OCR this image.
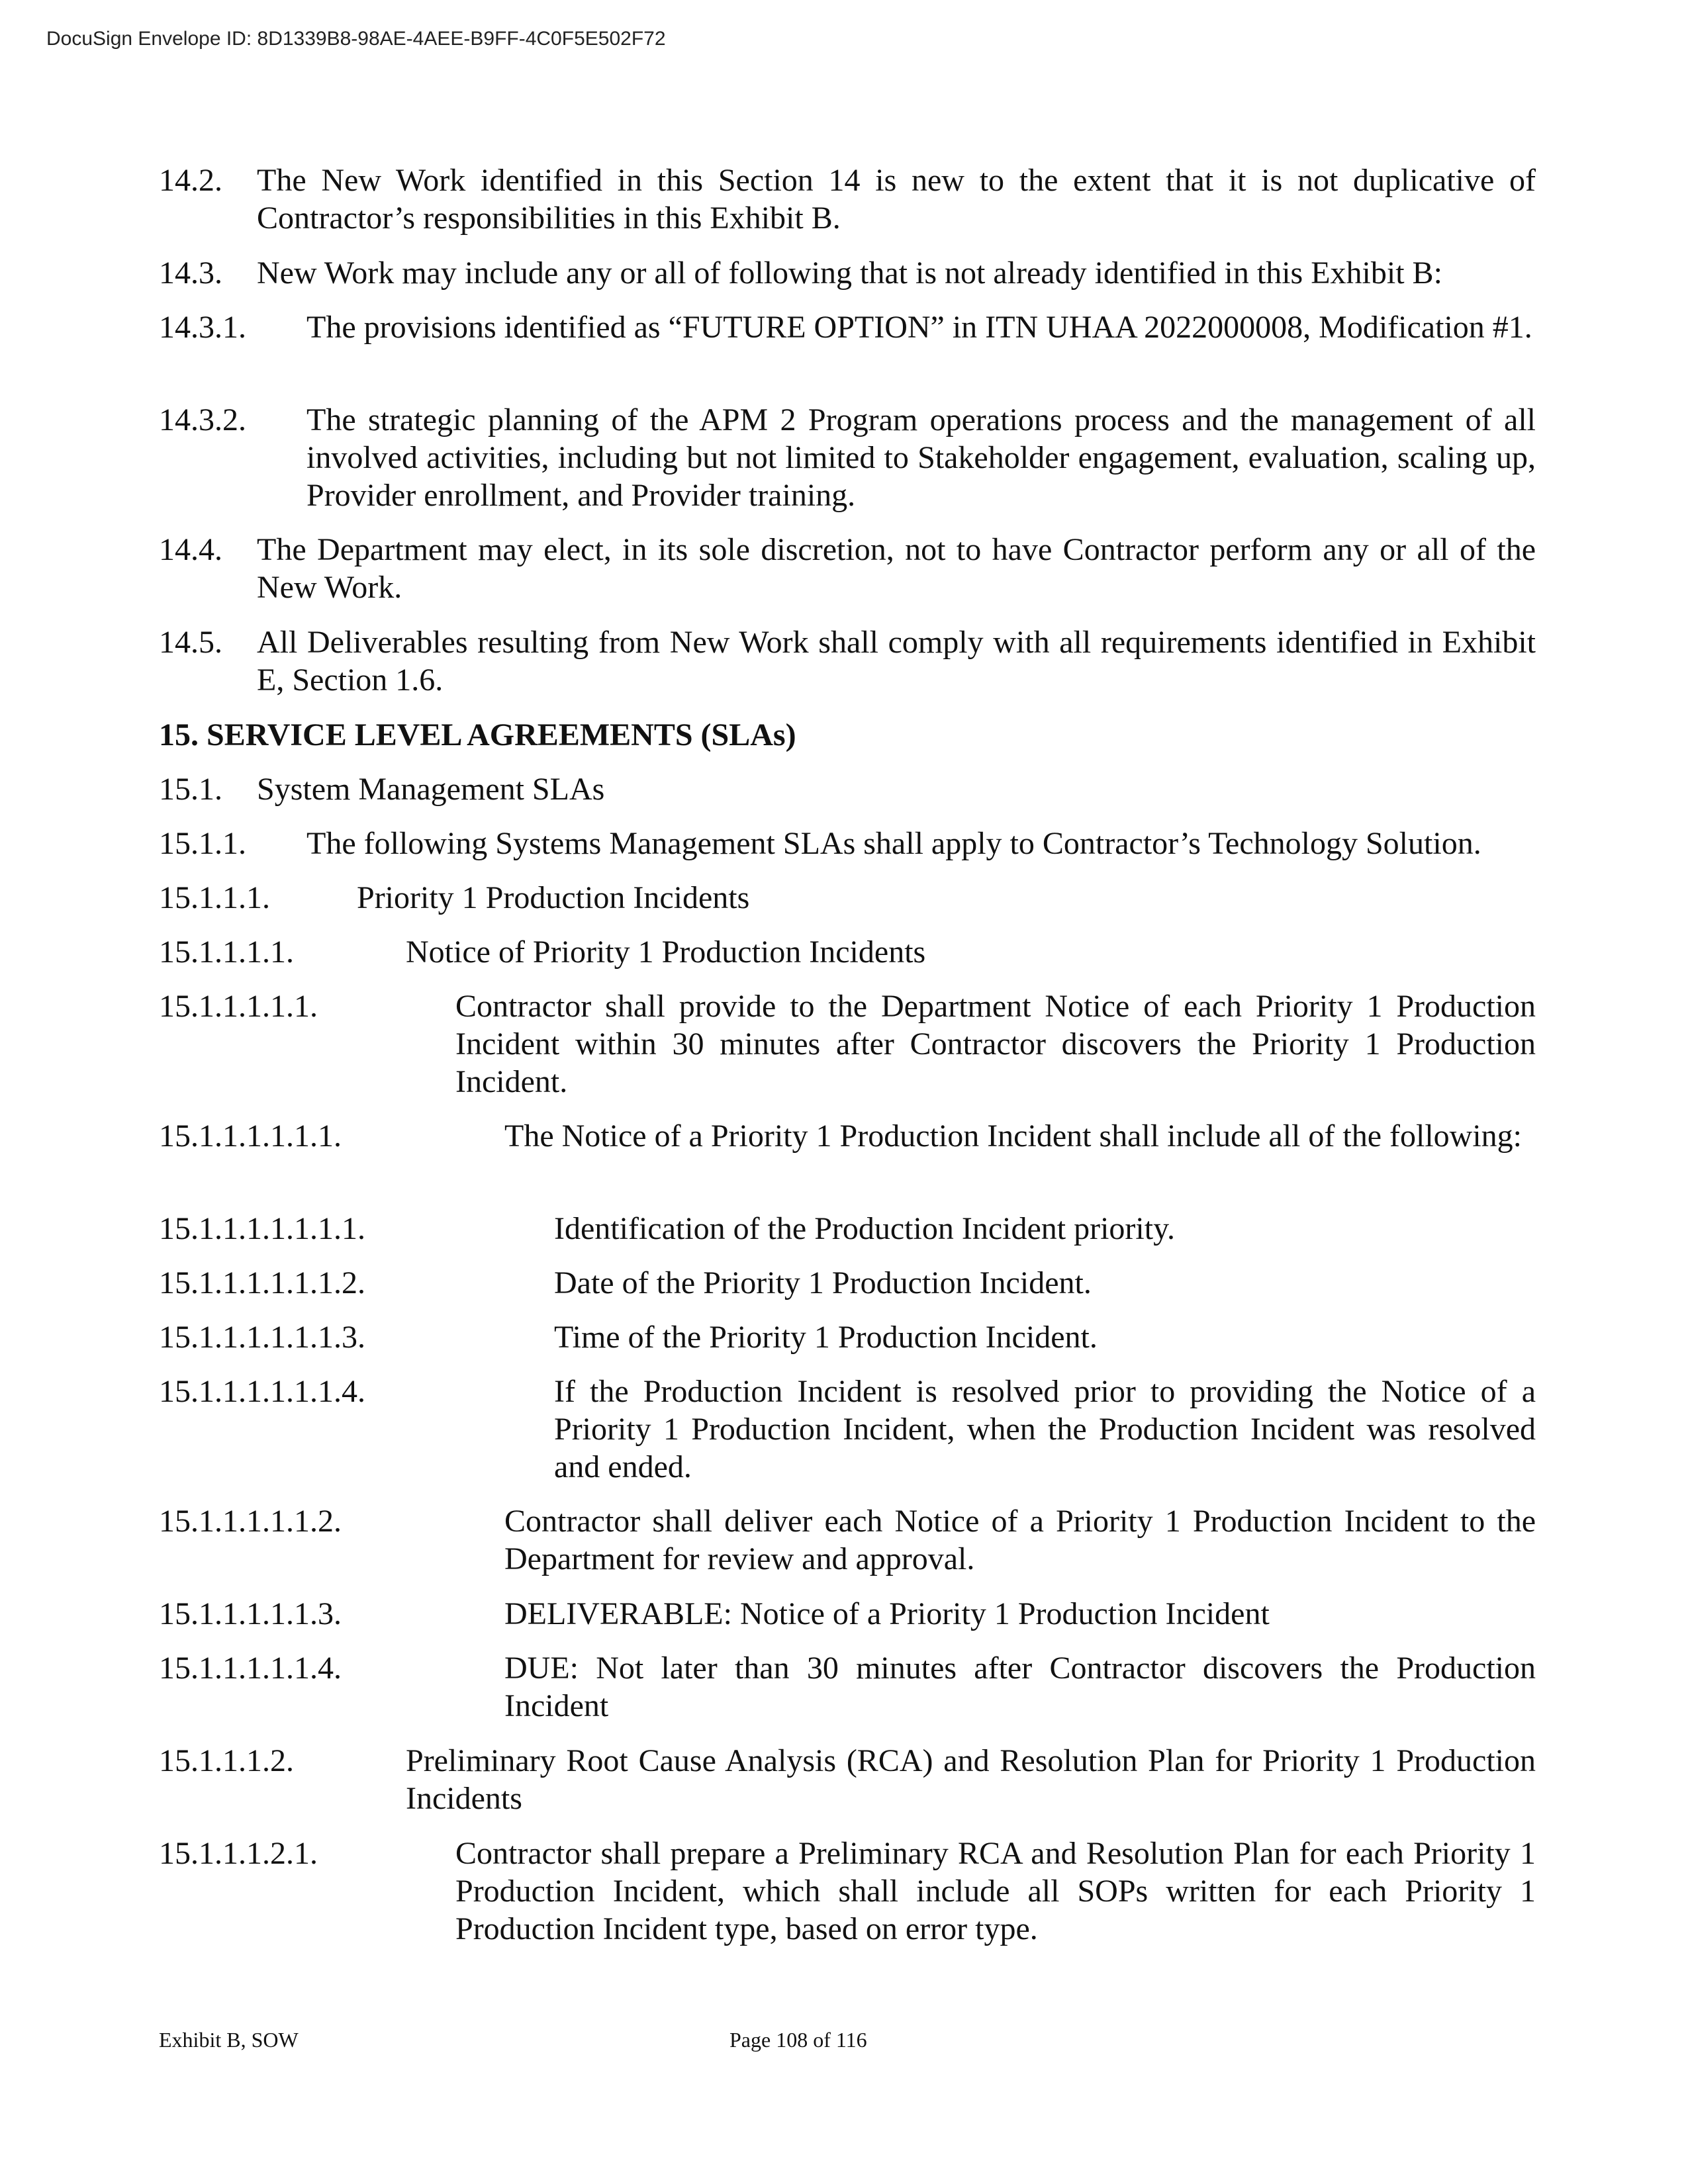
DocuSign Envelope ID: 8D1339B8-98AE-4AEE-B9FF-4C0F5E502F72
14.2. The New Work identified in this Section 14 is new to the extent that it is not duplicative of Contractor’s responsibilities in this Exhibit B.
14.3. New Work may include any or all of following that is not already identified in this Exhibit B:
14.3.1. The provisions identified as “FUTURE OPTION” in ITN UHAA 2022000008, Modification #1.
14.3.2. The strategic planning of the APM 2 Program operations process and the management of all involved activities, including but not limited to Stakeholder engagement, evaluation, scaling up, Provider enrollment, and Provider training.
14.4. The Department may elect, in its sole discretion, not to have Contractor perform any or all of the New Work.
14.5. All Deliverables resulting from New Work shall comply with all requirements identified in Exhibit E, Section 1.6.
15. SERVICE LEVEL AGREEMENTS (SLAs)
15.1. System Management SLAs
15.1.1. The following Systems Management SLAs shall apply to Contractor’s Technology Solution.
15.1.1.1.	Priority 1 Production Incidents
15.1.1.1.1.	Notice of Priority 1 Production Incidents
15.1.1.1.1.1.	Contractor shall provide to the Department Notice of each Priority 1 Production Incident within 30 minutes after Contractor discovers the Priority 1 Production Incident.
15.1.1.1.1.1.1.	The Notice of a Priority 1 Production Incident shall include all of the following:
15.1.1.1.1.1.1.1.	Identification of the Production Incident priority.
15.1.1.1.1.1.1.2.	Date of the Priority 1 Production Incident.
15.1.1.1.1.1.1.3.	Time of the Priority 1 Production Incident.
15.1.1.1.1.1.1.4.	If the Production Incident is resolved prior to providing the Notice of a Priority 1 Production Incident, when the Production Incident was resolved and ended.
15.1.1.1.1.1.2.	Contractor shall deliver each Notice of a Priority 1 Production Incident to the Department for review and approval.
15.1.1.1.1.1.3.	DELIVERABLE: Notice of a Priority 1 Production Incident
15.1.1.1.1.1.4.	DUE: Not later than 30 minutes after Contractor discovers the Production Incident
15.1.1.1.2.	Preliminary Root Cause Analysis (RCA) and Resolution Plan for Priority 1 Production Incidents
15.1.1.1.2.1.	Contractor shall prepare a Preliminary RCA and Resolution Plan for each Priority 1 Production Incident, which shall include all SOPs written for each Priority 1 Production Incident type, based on error type.
Exhibit B, SOW	Page 108 of 116
